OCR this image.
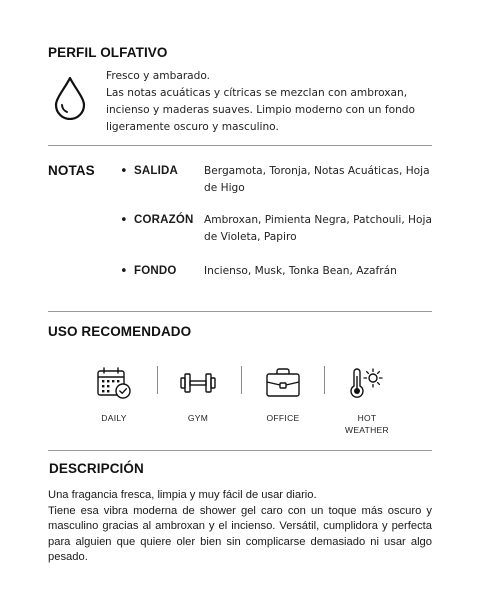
PERFIL OLFATIVO
Fresco y ambarado.
Las notas acuáticas y cítricas se mezclan con ambroxan, incienso y maderas suaves. Limpio moderno con un fondo ligeramente oscuro y masculino.
NOTAS • SALIDA Bergamota, Toronja, Notas Acuáticas, Hoja de Higo
• CORAZÓN Ambroxan, Pimienta Negra, Patchouli, Hoja de Violeta, Papiro
• FONDO	Incienso, Musk, Tonka Bean, Azafrán
USO RECOMENDADO
DAILY	GYM	OFFICE	HOT
WEATHER
DESCRIPCIÓN
Una fragancia fresca, limpia y muy fácil de usar diario.
Tiene esa vibra moderna de shower gel caro con un toque más oscuro y masculino gracias al ambroxan y el incienso. Versátil, cumplidora y perfecta para alguien que quiere oler bien sin complicarse demasiado ni usar algo pesado.
